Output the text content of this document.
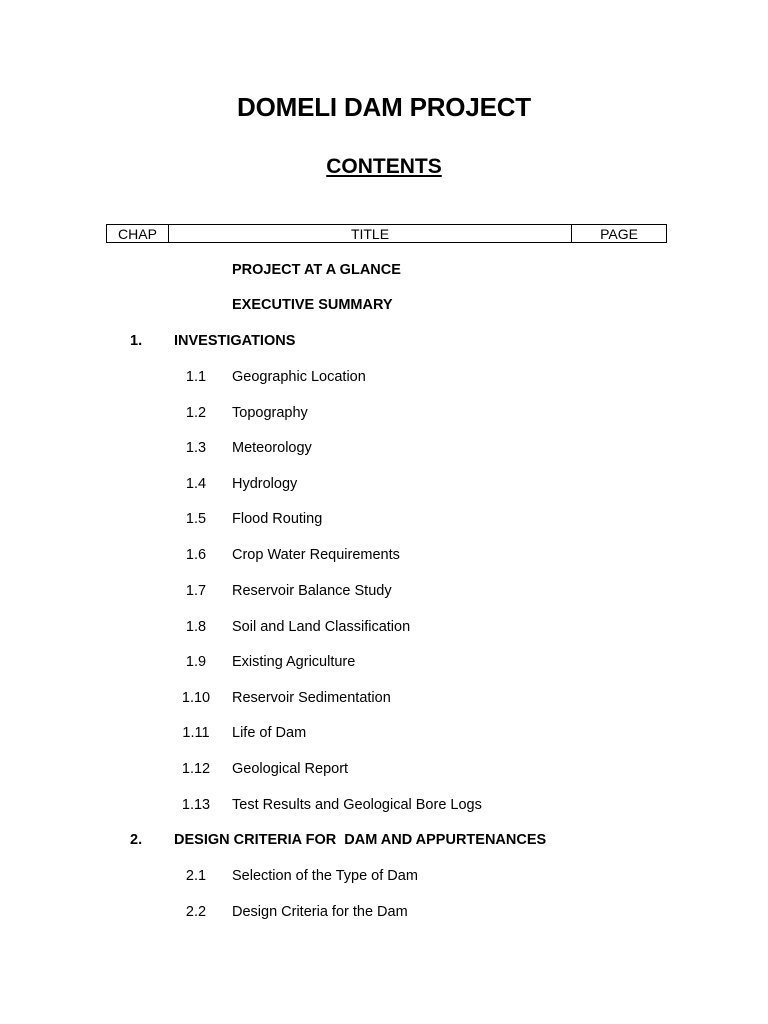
DOMELI DAM PROJECT
CONTENTS
CHAP	TITLE	PAGE
PROJECT AT A GLANCE
EXECUTIVE SUMMARY
1. INVESTIGATIONS
1.1	Geographic Location
1.2	Topography
1.3	Meteorology
1.4	Hydrology
1.5	Flood Routing
1.6	Crop Water Requirements
1.7	Reservoir Balance Study
1.8	Soil and Land Classification
1.9	Existing Agriculture
1.10	Reservoir Sedimentation
1.11	Life of Dam
1.12	Geological Report
1.13	Test Results and Geological Bore Logs
2. DESIGN CRITERIA FOR  DAM AND APPURTENANCES
2.1	Selection of the Type of Dam
2.2	Design Criteria for the Dam
